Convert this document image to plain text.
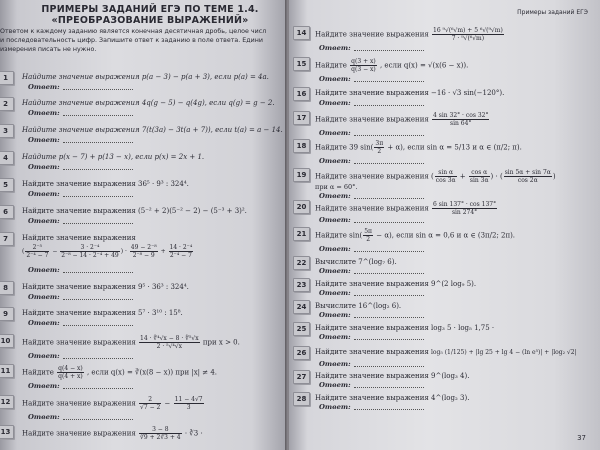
ПРИМЕРЫ ЗАДАНИЙ ЕГЭ ПО ТЕМЕ 1.4.
«ПРЕОБРАЗОВАНИЕ ВЫРАЖЕНИЙ»
Ответом к каждому заданию является конечная десятичная дробь, целое числ
и последовательность цифр. Запишите ответ к заданию в поле ответа. Едини
измерения писать не нужно.
1	Найдите значение выражения p(a − 3) − p(a + 3), если p(a) = 4a.
Ответ:
2	Найдите значение выражения 4q(g − 5) − q(4g), если q(g) = g − 2.
Ответ:
3	Найдите значение выражения 7(t(3a) − 3t(a + 7)), если t(a) = a − 14.
Ответ:
4	Найдите p(x − 7) + p(13 − x), если p(x) = 2x + 1.
Ответ:
5	Найдите значение выражения 36⁵ · 9³ : 324⁴.
Ответ:
6	Найдите значение выражения (5⁻² + 2)(5⁻² − 2) − (5⁻³ + 3)².
Ответ:
7	Найдите значение выражения
( $\frac{\text{2⁻⁵}}{\text{2⁻⁴ − 7}} - \frac{\text{3 · 2⁻⁴}}{\text{2⁻⁸ − 14 · 2⁻⁴ + 49}}$ ) · $\frac{\text{49 − 2⁻⁸}}{\text{2⁻⁸ − 9}} + \frac{\text{14 · 2⁻⁴}}{\text{2⁻⁴ − 7}}$
Ответ:
8	Найдите значение выражения 9⁵ · 36³ : 324⁴.
Ответ:
9	Найдите значение выражения 5⁷ · 3¹⁰ : 15⁸.
Ответ:
10	Найдите значение выражения $\frac{\text{14 · ∜⁴√x − 8 · ∜⁵√x}}{\text{2 · ⁵√⁴√x}}$ при x > 0.
Ответ:
11	Найдите $\frac{q(4 - x)}{q(4 + x)}$ , если q(x) = ∛(x(8 − x)) при |x| ≠ 4.
Ответ:
12	Найдите значение выражения $\frac{2}{√7 - 2} - \frac{11 - 4√7}{3}$
Ответ:
13	Найдите значение выражения $\frac{3 - 8}{∛9 + 2∛3 + 4}$ · ∛3 ·
Примеры заданий ЕГЭ
14	Найдите значение выражения $\frac{\text{16 ⁹√(⁶√m) + 5 ⁶√(⁹√m)}}{\text{7 · ⁹√(⁶√m)}}$
Ответ:
15	Найдите $\frac{q(3 + x)}{q(3 - x)}$ , если q(x) = √(x(6 − x)).
Ответ:
16	Найдите значение выражения −16 · √3 sin(−120°).
Ответ:
17	Найдите значение выражения $\frac{4 \sin 32^\circ \cdot \cos 32^\circ}{\sin 64^\circ}$
Ответ:
18	Найдите 39 $\sin( \frac{3\pi}{2} + \alpha)$, если sin α = 5/13 и α ∈ (π/2; π).
Ответ:
19	Найдите значение выражения ( $\frac{\text{sin α}}{\cos 3\alpha} + \frac{\text{cos α}}{\sin 3\alpha}$ ) · ( $\frac{\sin 5\alpha + \sin 7\alpha}{\cos 2\alpha}$ )
при α = 60°.
Ответ:
20	Найдите значение выражения $\frac{6 \sin 137^\circ \cdot \cos 137^\circ}{\sin 274^\circ}$
Ответ:
21	Найдите $\sin( \frac{5\pi}{2} - \alpha)$, если sin α = 0,6 и α ∈ (3π/2; 2π).
Ответ:
22	Вычислите 7^(log₇ 6).
Ответ:
23	Найдите значение выражения 9^(2 log₉ 5).
Ответ:
24	Вычислите 16^(log₂ 6).
Ответ:
25	Найдите значение выражения log₃ 5 · log₅ 1,75 ·
Ответ:
26	Найдите значение выражения log₅ (1/125) + |lg 25 + lg 4 − (ln e⁵)| + |log₂ √2|
Ответ:
27	Найдите значение выражения 9^(log₃ 4).
Ответ:
28	Найдите значение выражения 4^(log₂ 3).
Ответ:
37
